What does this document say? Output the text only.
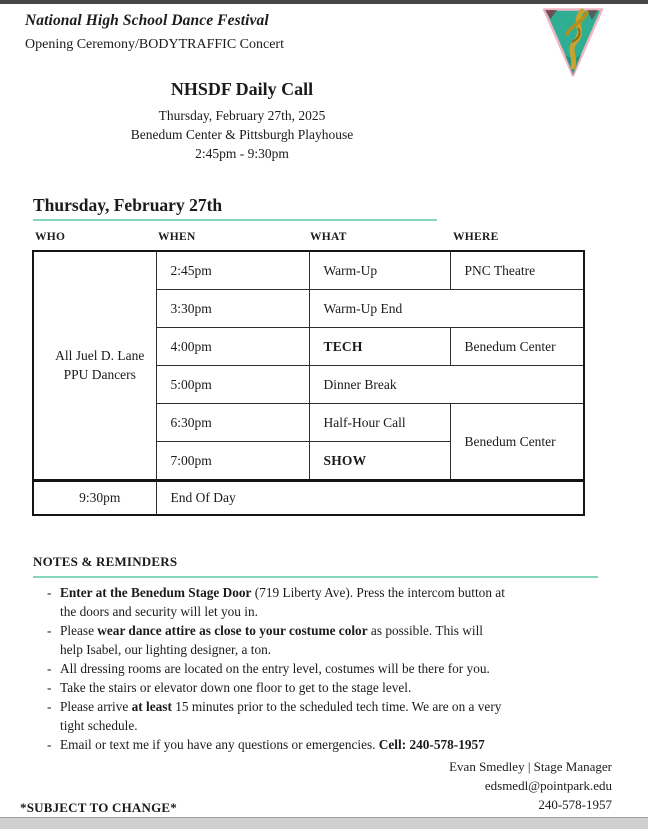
National High School Dance Festival
Opening Ceremony/BODYTRAFFIC Concert
NHSDF Daily Call

Thursday, February 27th, 2025

Benedum Center & Pittsburgh Playhouse

2:45pm - 9:30pm

Thursday, February 27th
WHO	WHEN	WHAT	WHERE
All Juel D. Lane
PPU Dancers	2:45pm	Warm-Up	PNC Theatre
	3:30pm	Warm-Up End	
	4:00pm	TECH	Benedum Center
	5:00pm	Dinner Break	
	6:30pm	Half-Hour Call	Benedum Center
	7:00pm	SHOW	
9:30pm	End Of Day		
NOTES & REMINDERS
- Enter at the Benedum Stage Door (719 Liberty Ave). Press the intercom button at
the doors and security will let you in.
- Please wear dance attire as close to your costume color as possible. This will
help Isabel, our lighting designer, a ton.
- All dressing rooms are located on the entry level, costumes will be there for you.
- Take the stairs or elevator down one floor to get to the stage level.
- Please arrive at least 15 minutes prior to the scheduled tech time. We are on a very
tight schedule.
- Email or text me if you have any questions or emergencies. Cell: 240-578-1957
Evan Smedley | Stage Manager
edsmedl@pointpark.edu
240-578-1957
*SUBJECT TO CHANGE*
